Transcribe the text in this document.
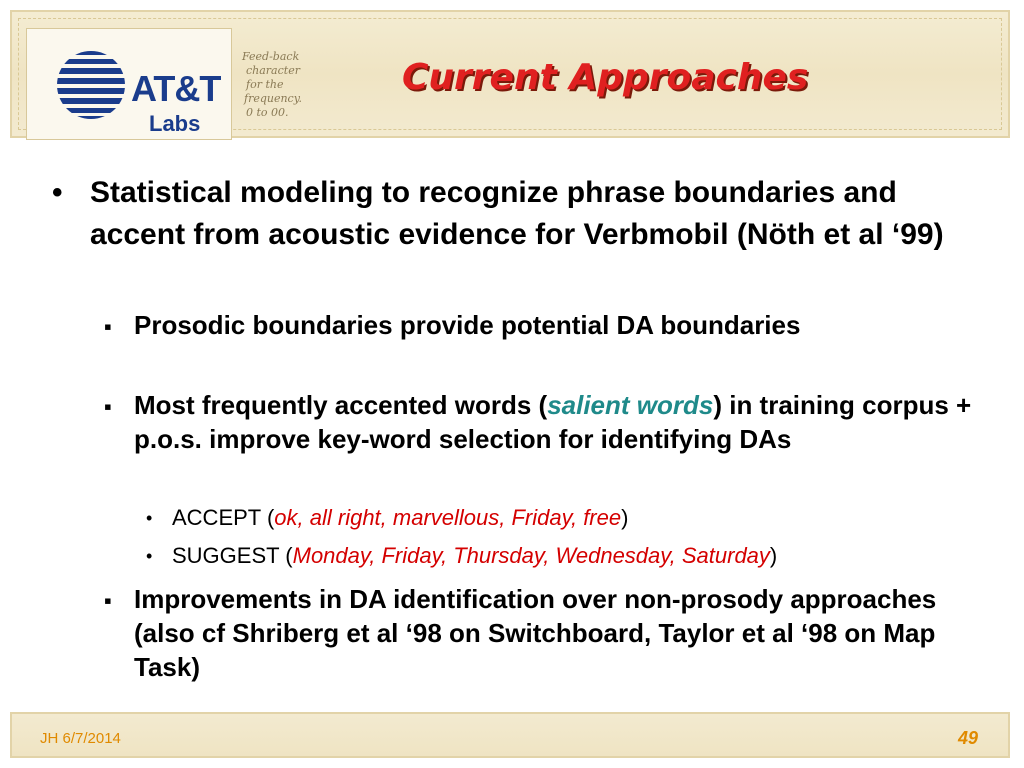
AT&T
Labs
Feed-back
character
for the
frequency.
0 to 00.
Current Approaches
• Statistical modeling to recognize phrase boundaries and accent from acoustic evidence for Verbmobil (Nöth et al ‘99)
▪ Prosodic boundaries provide potential DA boundaries
▪ Most frequently accented words (salient words) in training corpus + p.o.s. improve key-word selection for identifying DAs
• ACCEPT (ok, all right, marvellous, Friday, free)
• SUGGEST (Monday, Friday, Thursday, Wednesday, Saturday)
▪ Improvements in DA identification over non-prosody approaches (also cf Shriberg et al ‘98 on Switchboard, Taylor et al ‘98 on Map Task)
JH 6/7/2014	49
